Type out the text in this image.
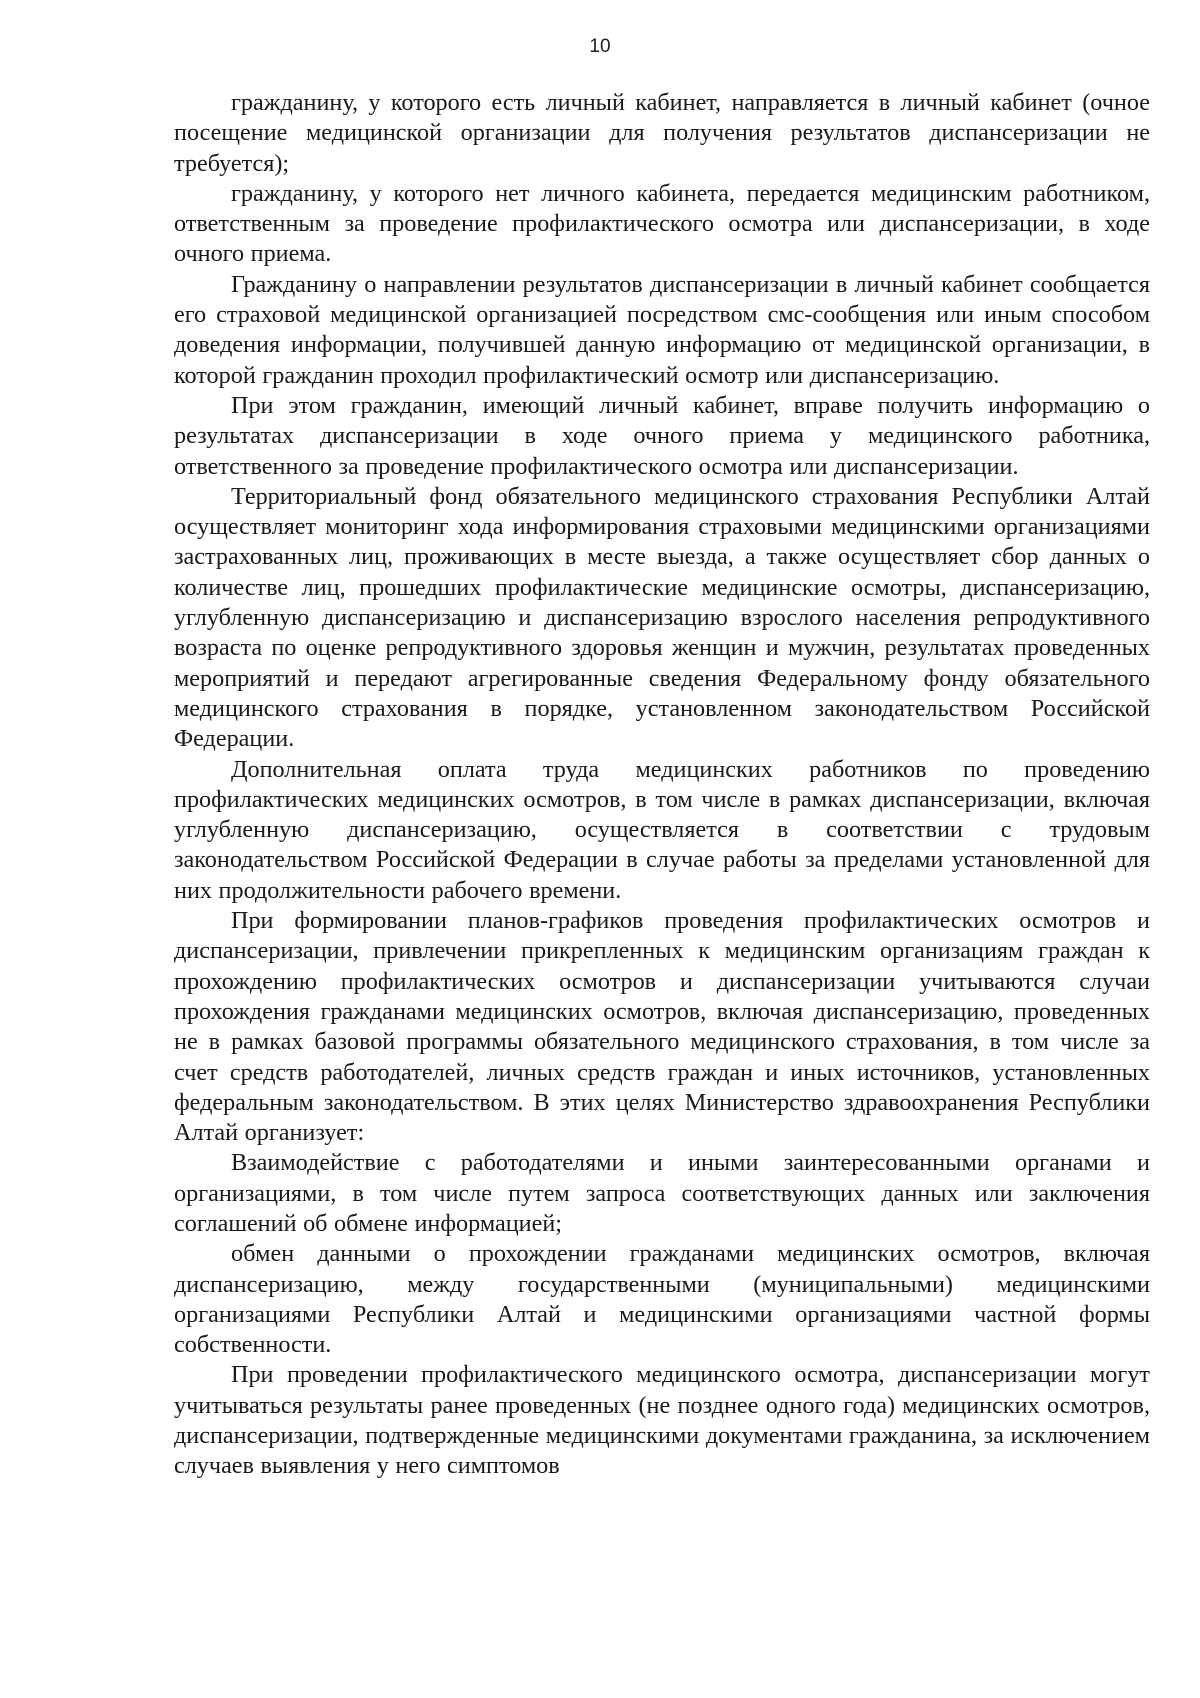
10

гражданину, у которого есть личный кабинет, направляется в личный кабинет (очное посещение медицинской организации для получения результатов диспансеризации не требуется);

гражданину, у которого нет личного кабинета, передается медицинским работником, ответственным за проведение профилактического осмотра или диспансеризации, в ходе очного приема.

Гражданину о направлении результатов диспансеризации в личный кабинет сообщается его страховой медицинской организацией посредством смс-сообщения или иным способом доведения информации, получившей данную информацию от медицинской организации, в которой гражданин проходил профилактический осмотр или диспансеризацию.

При этом гражданин, имеющий личный кабинет, вправе получить информацию о результатах диспансеризации в ходе очного приема у медицинского работника, ответственного за проведение профилактического осмотра или диспансеризации.

Территориальный фонд обязательного медицинского страхования Республики Алтай осуществляет мониторинг хода информирования страховыми медицинскими организациями застрахованных лиц, проживающих в месте выезда, а также осуществляет сбор данных о количестве лиц, прошедших профилактические медицинские осмотры, диспансеризацию, углубленную диспансеризацию и диспансеризацию взрослого населения репродуктивного возраста по оценке репродуктивного здоровья женщин и мужчин, результатах проведенных мероприятий и передают агрегированные сведения Федеральному фонду обязательного медицинского страхования в порядке, установленном законодательством Российской Федерации.

Дополнительная оплата труда медицинских работников по проведению профилактических медицинских осмотров, в том числе в рамках диспансеризации, включая углубленную диспансеризацию, осуществляется в соответствии с трудовым законодательством Российской Федерации в случае работы за пределами установленной для них продолжительности рабочего времени.

При формировании планов-графиков проведения профилактических осмотров и диспансеризации, привлечении прикрепленных к медицинским организациям граждан к прохождению профилактических осмотров и диспансеризации учитываются случаи прохождения гражданами медицинских осмотров, включая диспансеризацию, проведенных не в рамках базовой программы обязательного медицинского страхования, в том числе за счет средств работодателей, личных средств граждан и иных источников, установленных федеральным законодательством. В этих целях Министерство здравоохранения Республики Алтай организует:

Взаимодействие с работодателями и иными заинтересованными органами и организациями, в том числе путем запроса соответствующих данных или заключения соглашений об обмене информацией;

обмен данными о прохождении гражданами медицинских осмотров, включая диспансеризацию, между государственными (муниципальными) медицинскими организациями Республики Алтай и медицинскими организациями частной формы собственности.

При проведении профилактического медицинского осмотра, диспансеризации могут учитываться результаты ранее проведенных (не позднее одного года) медицинских осмотров, диспансеризации, подтвержденные медицинскими документами гражданина, за исключением случаев выявления у него симптомов
